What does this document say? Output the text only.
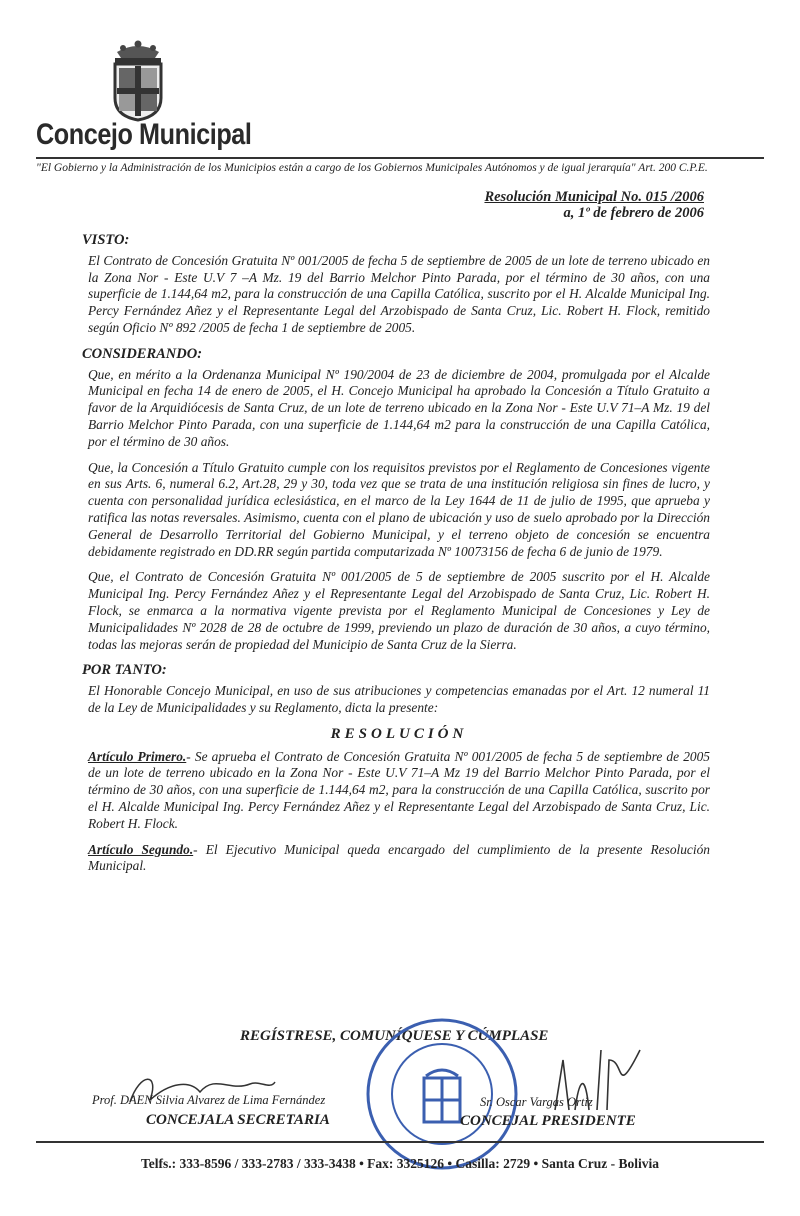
Concejo Municipal
"El Gobierno y la Administración de los Municipios están a cargo de los Gobiernos Municipales Autónomos y de igual jerarquía" Art. 200 C.P.E.
Resolución Municipal No. 015 /2006
a, 1º de febrero de 2006
VISTO:

El Contrato de Concesión Gratuita Nº 001/2005 de fecha 5 de septiembre de 2005 de un lote de terreno ubicado en la Zona Nor - Este U.V 7 –A Mz. 19 del Barrio Melchor Pinto Parada, por el término de 30 años, con una superficie de 1.144,64 m2, para la construcción de una Capilla Católica, suscrito por el H. Alcalde Municipal Ing. Percy Fernández Añez y el Representante Legal del Arzobispado de Santa Cruz, Lic. Robert H. Flock, remitido según Oficio Nº 892 /2005 de fecha 1 de septiembre de 2005.

CONSIDERANDO:

Que, en mérito a la Ordenanza Municipal Nº 190/2004 de 23 de diciembre de 2004, promulgada por el Alcalde Municipal en fecha 14 de enero de 2005, el H. Concejo Municipal ha aprobado la Concesión a Título Gratuito a favor de la Arquidiócesis de Santa Cruz, de un lote de terreno ubicado en la Zona Nor - Este U.V 71–A Mz. 19 del Barrio Melchor Pinto Parada, con una superficie de 1.144,64 m2 para la construcción de una Capilla Católica, por el término de 30 años.

Que, la Concesión a Título Gratuito cumple con los requisitos previstos por el Reglamento de Concesiones vigente en sus Arts. 6, numeral 6.2, Art.28, 29 y 30, toda vez que se trata de una institución religiosa sin fines de lucro, y cuenta con personalidad jurídica eclesiástica, en el marco de la Ley 1644 de 11 de julio de 1995, que aprueba y ratifica las notas reversales. Asimismo, cuenta con el plano de ubicación y uso de suelo aprobado por la Dirección General de Desarrollo Territorial del Gobierno Municipal, y el terreno objeto de concesión se encuentra debidamente registrado en DD.RR según partida computarizada Nº 10073156 de fecha 6 de junio de 1979.

Que, el Contrato de Concesión Gratuita Nº 001/2005 de 5 de septiembre de 2005 suscrito por el H. Alcalde Municipal Ing. Percy Fernández Añez y el Representante Legal del Arzobispado de Santa Cruz, Lic. Robert H. Flock, se enmarca a la normativa vigente prevista por el Reglamento Municipal de Concesiones y Ley de Municipalidades Nº 2028 de 28 de octubre de 1999, previendo un plazo de duración de 30 años, a cuyo término, todas las mejoras serán de propiedad del Municipio de Santa Cruz de la Sierra.

POR TANTO:

El Honorable Concejo Municipal, en uso de sus atribuciones y competencias emanadas por el Art. 12 numeral 11 de la Ley de Municipalidades y su Reglamento, dicta la presente:

RESOLUCIÓN

Artículo Primero.- Se aprueba el Contrato de Concesión Gratuita Nº 001/2005 de fecha 5 de septiembre de 2005 de un lote de terreno ubicado en la Zona Nor - Este U.V 71–A Mz 19 del Barrio Melchor Pinto Parada, por el término de 30 años, con una superficie de 1.144,64 m2, para la construcción de una Capilla Católica, suscrito por el H. Alcalde Municipal Ing. Percy Fernández Añez y el Representante Legal del Arzobispado de Santa Cruz, Lic. Robert H. Flock.

Artículo Segundo.- El Ejecutivo Municipal queda encargado del cumplimiento de la presente Resolución Municipal.

REGÍSTRESE, COMUNÍQUESE Y CÚMPLASE
Prof. DAEN Silvia Alvarez de Lima Fernández
CONCEJALA SECRETARIA
Sr. Oscar Vargas Ortiz
CONCEJAL PRESIDENTE
Telfs.: 333-8596 / 333-2783 / 333-3438 • Fax: 3325126 • Casilla: 2729 • Santa Cruz - Bolivia
